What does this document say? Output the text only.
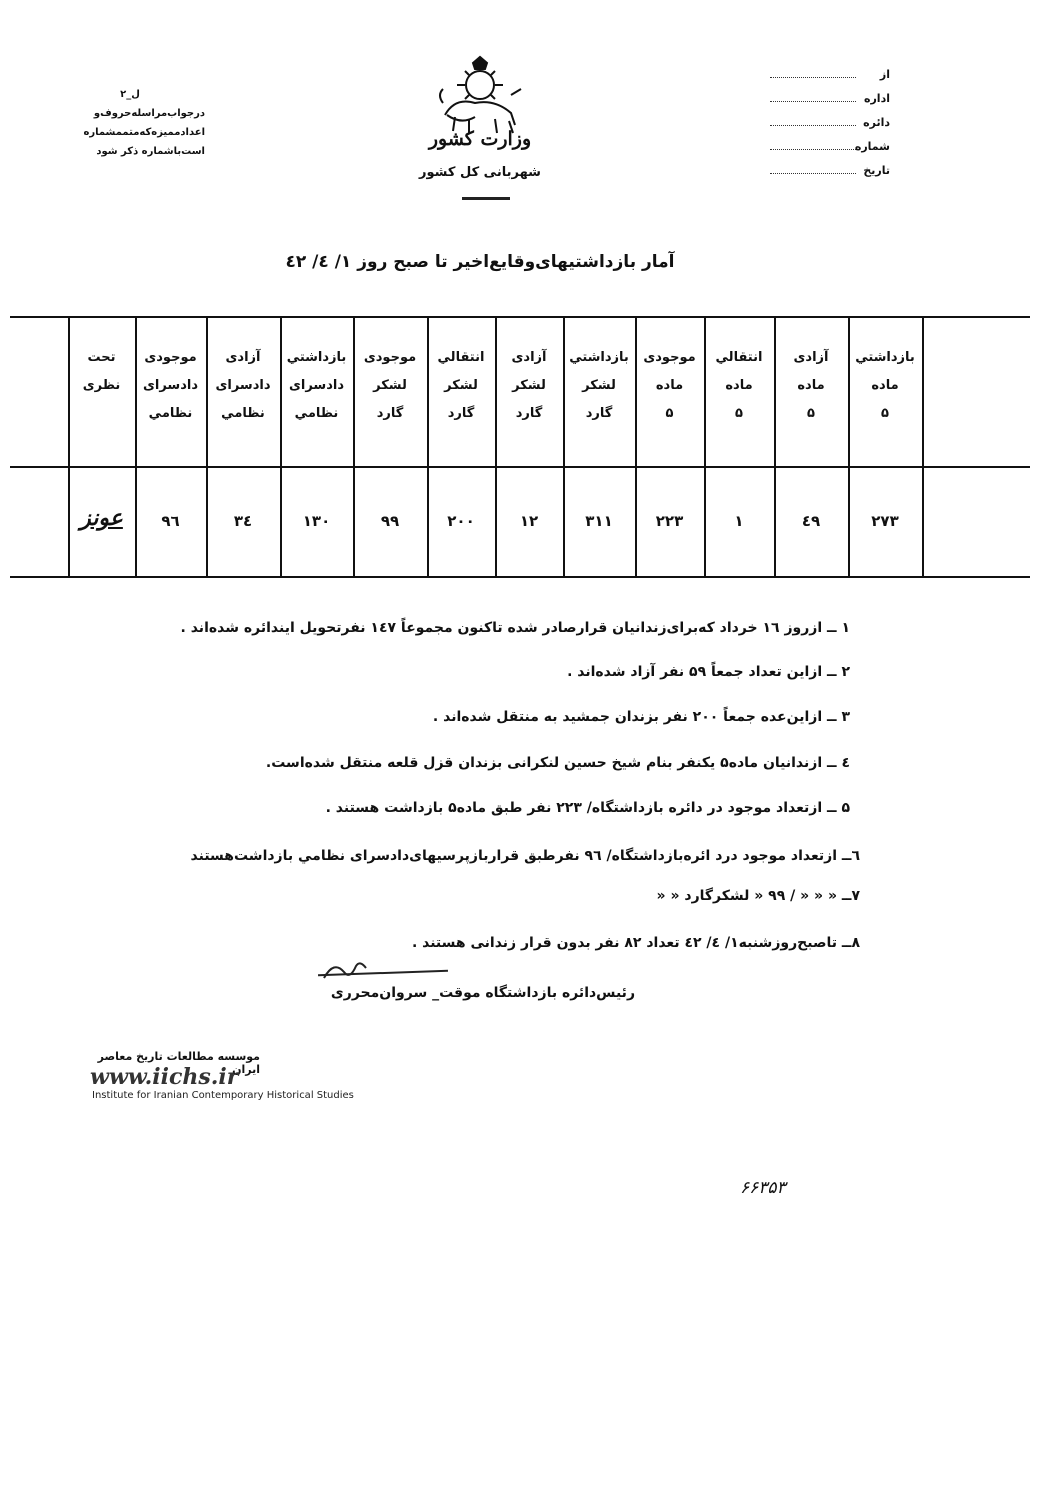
ل_۲
درجواب‌مراسله‌حروف‌و
اعدادممیزه‌که‌متممشماره
است‌باشماره ذکر شود
وزارت کشور
شهربانی کل کشور
از
اداره
دائره
شماره
تاریخ
آمار بازداشتیهای‌وقایع‌اخیر تا صبح روز ۱/ ٤/ ٤٢
بازداشتي
ماده
۵
آزادی
ماده
۵
انتقالي
ماده
۵
موجودی
ماده
۵
بازداشتي
لشکر
گارد
آزادی
لشکر
گارد
انتقالي
لشکر
گارد
موجودی
لشکر
گارد
بازداشتي
دادسرای
نظامي
آزادی
دادسرای
نظامي
موجودی
دادسرای
نظامي
تحت
نظری
۲۷۳
٤۹
۱
۲۲۳
۳۱۱
۱۲
۲۰۰
۹۹
۱۳۰
۳٤
۹٦
عونز
۱ ــ ازروز ۱٦ خرداد که‌برای‌زندانیان قرارصادر شده تاکنون مجموعاً ۱٤۷ نفرتحویل ایندائره شده‌اند .
۲ ــ ازاین تعداد جمعاً ۵۹ نفر آزاد شده‌اند .
۳ ــ ازاین‌عده جمعاً ۲۰۰ نفر بزندان جمشید به منتقل شده‌اند .
٤ ــ ازندانیان ماده۵ یکنفر بنام شیخ حسین لنکرانی بزندان قزل قلعه منتقل شده‌است.
۵ ــ ازتعداد موجود در دائره بازداشتگاه/ ۲۲۳ نفر طبق ماده۵ بازداشت هستند .
٦ــ ازتعداد موجود درد ائره‌بازداشتگاه/ ۹٦ نفرطبق قرارباز‌پرسیهای‌دادسرای نظامي بازداشت‌هستند
۷ــ « « « / ۹۹ « لشکرگارد « «
۸ــ تاصبح‌روزشنبه۱/ ٤/ ٤۲ تعداد ٨٢ نفر بدون قرار زندانی هستند .
رئیس‌دائره بازداشتگاه موقت_ سروان‌محرری
موسسه مطالعات تاریخ معاصر ایران
www.iichs.ir
Institute for Iranian Contemporary Historical Studies
۶۶۳۵۳
